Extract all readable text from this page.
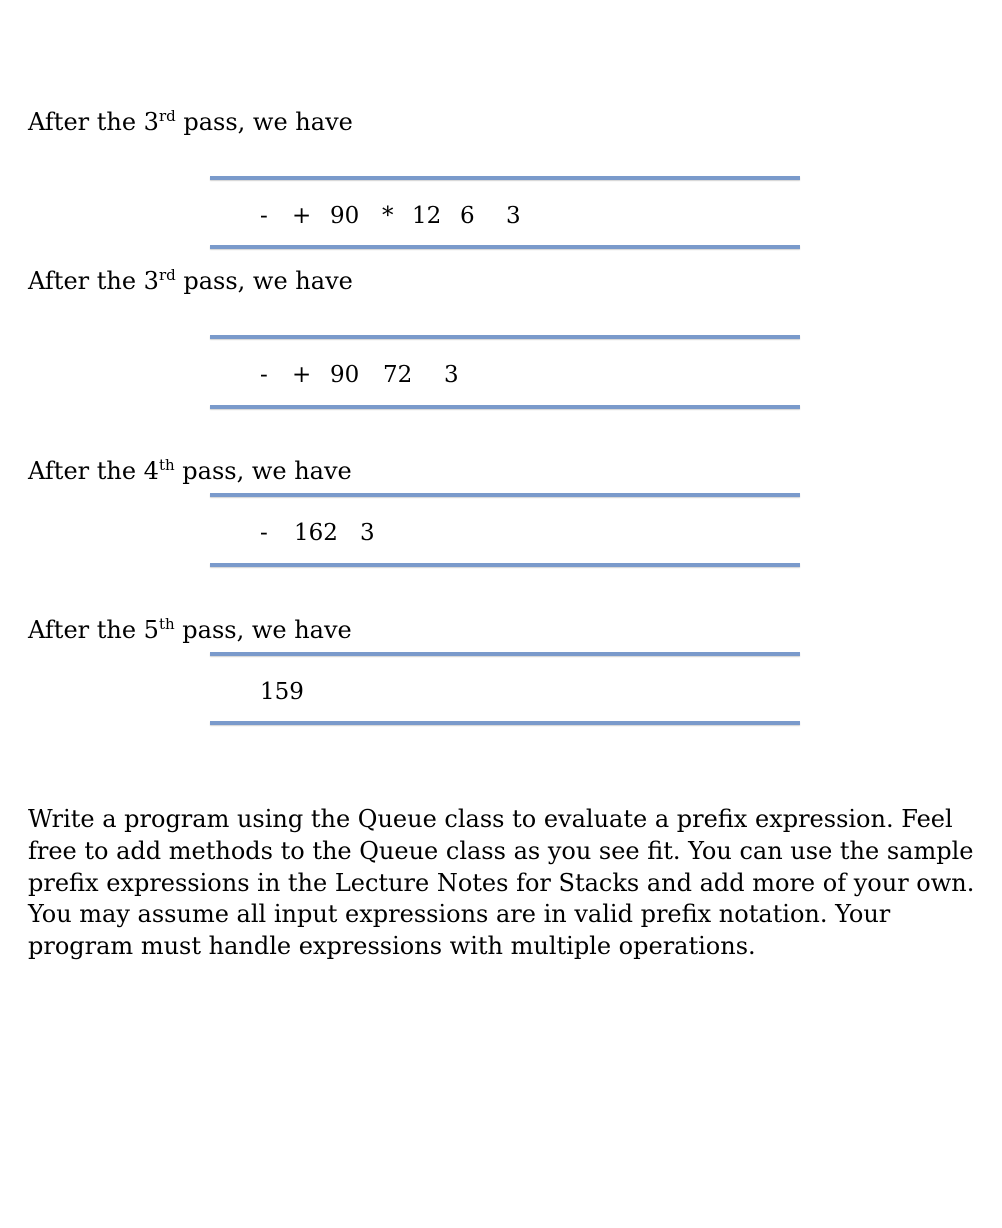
After the 3rd pass, we have
- + 90 * 12 6 3
After the 3rd pass, we have
- + 90 72 3
After the 4th pass, we have
- 162 3
After the 5th pass, we have
159
Write a program using the Queue class to evaluate a prefix expression. Feel free to add methods to the Queue class as you see fit. You can use the sample prefix expressions in the Lecture Notes for Stacks and add more of your own. You may assume all input expressions are in valid prefix notation. Your program must handle expressions with multiple operations.
